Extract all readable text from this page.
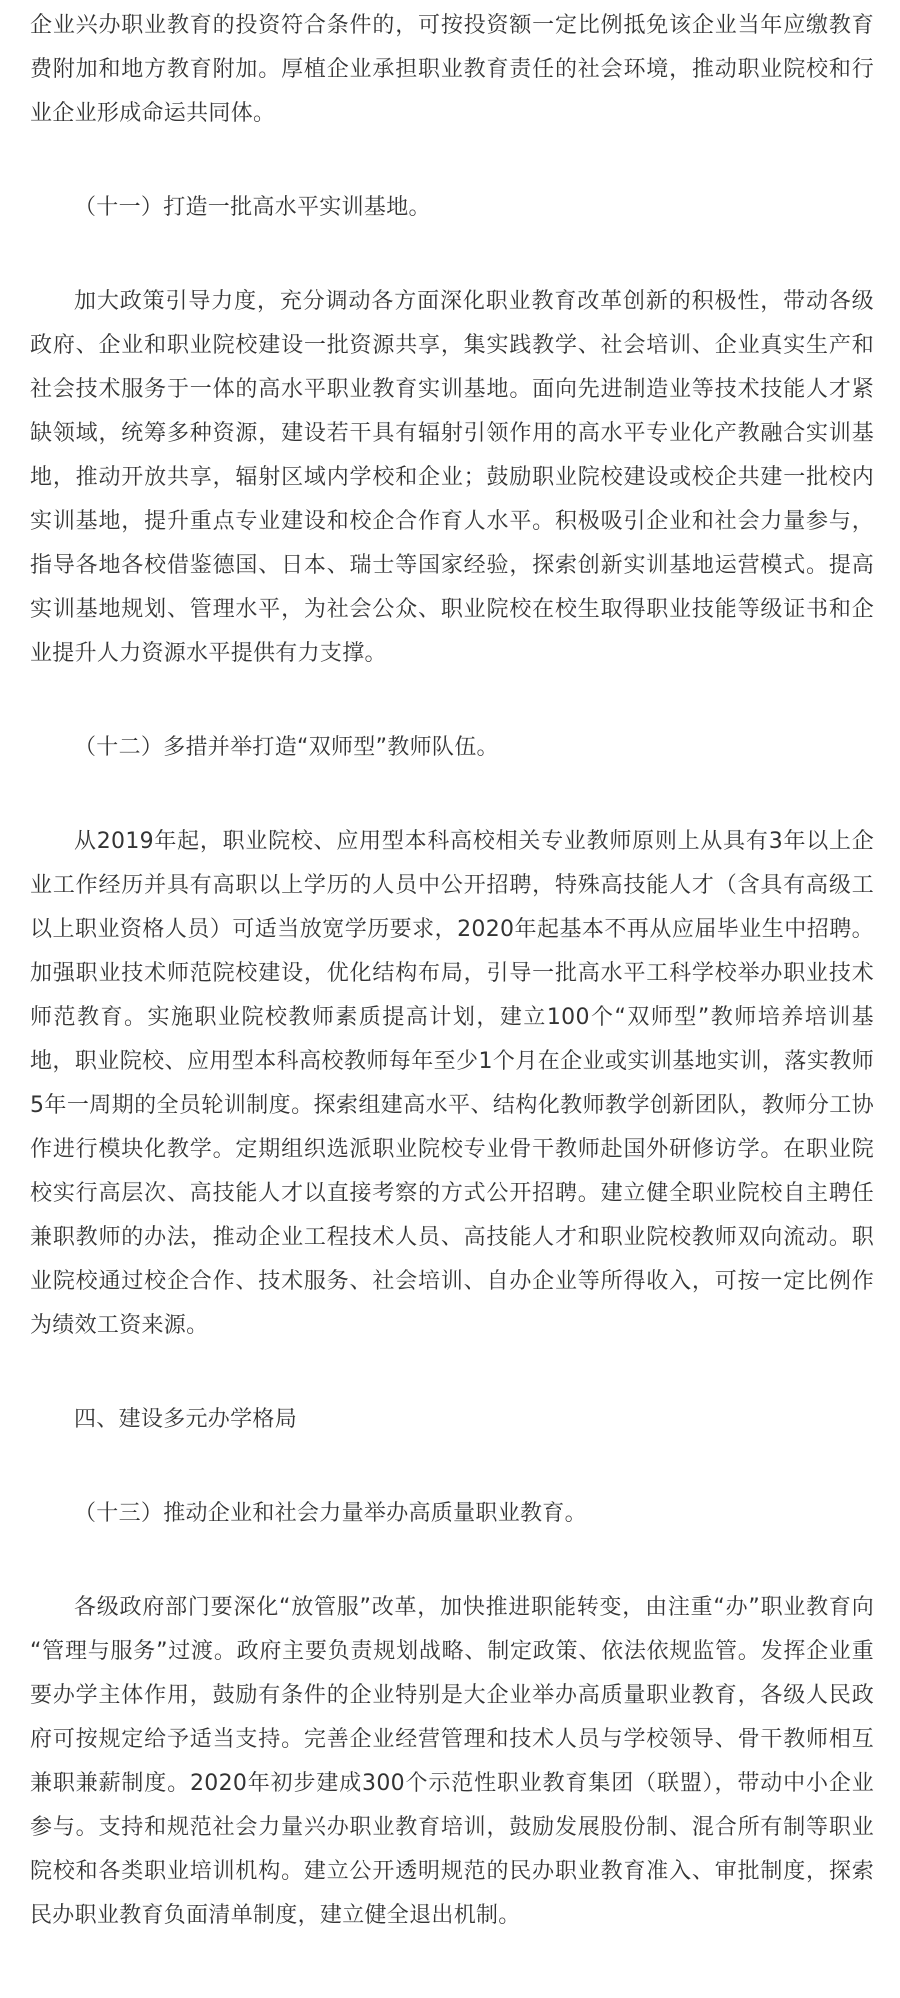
企业兴办职业教育的投资符合条件的，可按投资额一定比例抵免该企业当年应缴教育费附加和地方教育附加。厚植企业承担职业教育责任的社会环境，推动职业院校和行业企业形成命运共同体。

（十一）打造一批高水平实训基地。

加大政策引导力度，充分调动各方面深化职业教育改革创新的积极性，带动各级政府、企业和职业院校建设一批资源共享，集实践教学、社会培训、企业真实生产和社会技术服务于一体的高水平职业教育实训基地。面向先进制造业等技术技能人才紧缺领域，统筹多种资源，建设若干具有辐射引领作用的高水平专业化产教融合实训基地，推动开放共享，辐射区域内学校和企业；鼓励职业院校建设或校企共建一批校内实训基地，提升重点专业建设和校企合作育人水平。积极吸引企业和社会力量参与，指导各地各校借鉴德国、日本、瑞士等国家经验，探索创新实训基地运营模式。提高实训基地规划、管理水平，为社会公众、职业院校在校生取得职业技能等级证书和企业提升人力资源水平提供有力支撑。

（十二）多措并举打造“双师型”教师队伍。

从2019年起，职业院校、应用型本科高校相关专业教师原则上从具有3年以上企业工作经历并具有高职以上学历的人员中公开招聘，特殊高技能人才（含具有高级工以上职业资格人员）可适当放宽学历要求，2020年起基本不再从应届毕业生中招聘。加强职业技术师范院校建设，优化结构布局，引导一批高水平工科学校举办职业技术师范教育。实施职业院校教师素质提高计划，建立100个“双师型”教师培养培训基地，职业院校、应用型本科高校教师每年至少1个月在企业或实训基地实训，落实教师5年一周期的全员轮训制度。探索组建高水平、结构化教师教学创新团队，教师分工协作进行模块化教学。定期组织选派职业院校专业骨干教师赴国外研修访学。在职业院校实行高层次、高技能人才以直接考察的方式公开招聘。建立健全职业院校自主聘任兼职教师的办法，推动企业工程技术人员、高技能人才和职业院校教师双向流动。职业院校通过校企合作、技术服务、社会培训、自办企业等所得收入，可按一定比例作为绩效工资来源。

四、建设多元办学格局

（十三）推动企业和社会力量举办高质量职业教育。

各级政府部门要深化“放管服”改革，加快推进职能转变，由注重“办”职业教育向“管理与服务”过渡。政府主要负责规划战略、制定政策、依法依规监管。发挥企业重要办学主体作用，鼓励有条件的企业特别是大企业举办高质量职业教育，各级人民政府可按规定给予适当支持。完善企业经营管理和技术人员与学校领导、骨干教师相互兼职兼薪制度。2020年初步建成300个示范性职业教育集团（联盟），带动中小企业参与。支持和规范社会力量兴办职业教育培训，鼓励发展股份制、混合所有制等职业院校和各类职业培训机构。建立公开透明规范的民办职业教育准入、审批制度，探索民办职业教育负面清单制度，建立健全退出机制。
